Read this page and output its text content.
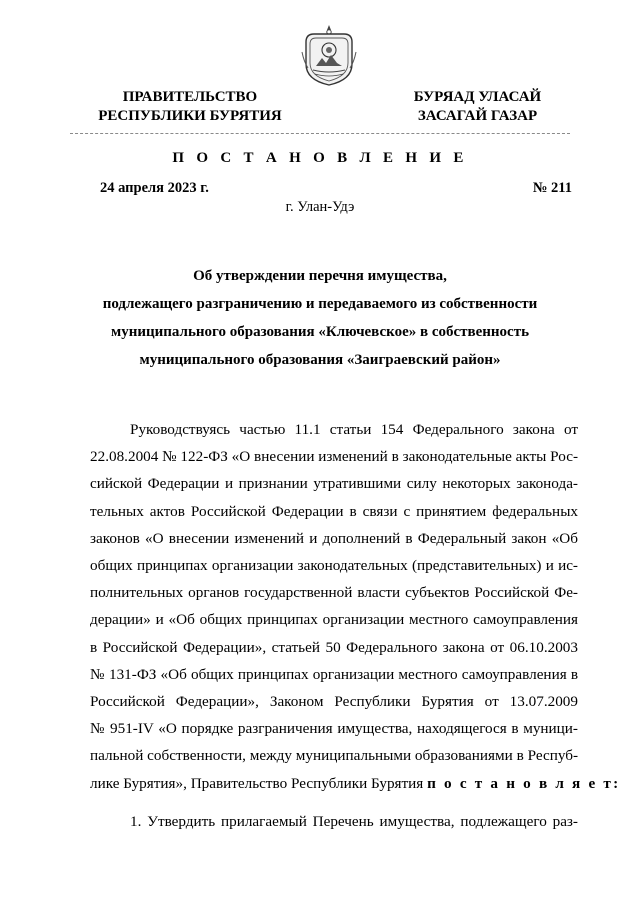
ПРАВИТЕЛЬСТВО
РЕСПУБЛИКИ БУРЯТИЯ
БУРЯАД УЛАСАЙ
ЗАСАГАЙ ГАЗАР
П О С Т А Н О В Л Е Н И Е
24 апреля 2023 г.	№ 211
г. Улан-Удэ
Об утверждении перечня имущества,
подлежащего разграничению и передаваемого из собственности
муниципального образования «Ключевское» в собственность
муниципального образования «Заиграевский район»
Руководствуясь частью 11.1 статьи 154 Федерального закона от
22.08.2004 № 122-ФЗ «О внесении изменений в законодательные акты Рос-
сийской Федерации и признании утратившими силу некоторых законода-
тельных актов Российской Федерации в связи с принятием федеральных
законов «О внесении изменений и дополнений в Федеральный закон «Об
общих принципах организации законодательных (представительных) и ис-
полнительных органов государственной власти субъектов Российской Фе-
дерации» и «Об общих принципах организации местного самоуправления
в Российской Федерации», статьей 50 Федерального закона от 06.10.2003
№ 131-ФЗ «Об общих принципах организации местного самоуправления в
Российской Федерации», Законом Республики Бурятия от 13.07.2009
№ 951-IV «О порядке разграничения имущества, находящегося в муници-
пальной собственности, между муниципальными образованиями в Респуб-
лике Бурятия», Правительство Республики Бурятия п о с т а н о в л я е т:
1. Утвердить прилагаемый Перечень имущества, подлежащего раз-
